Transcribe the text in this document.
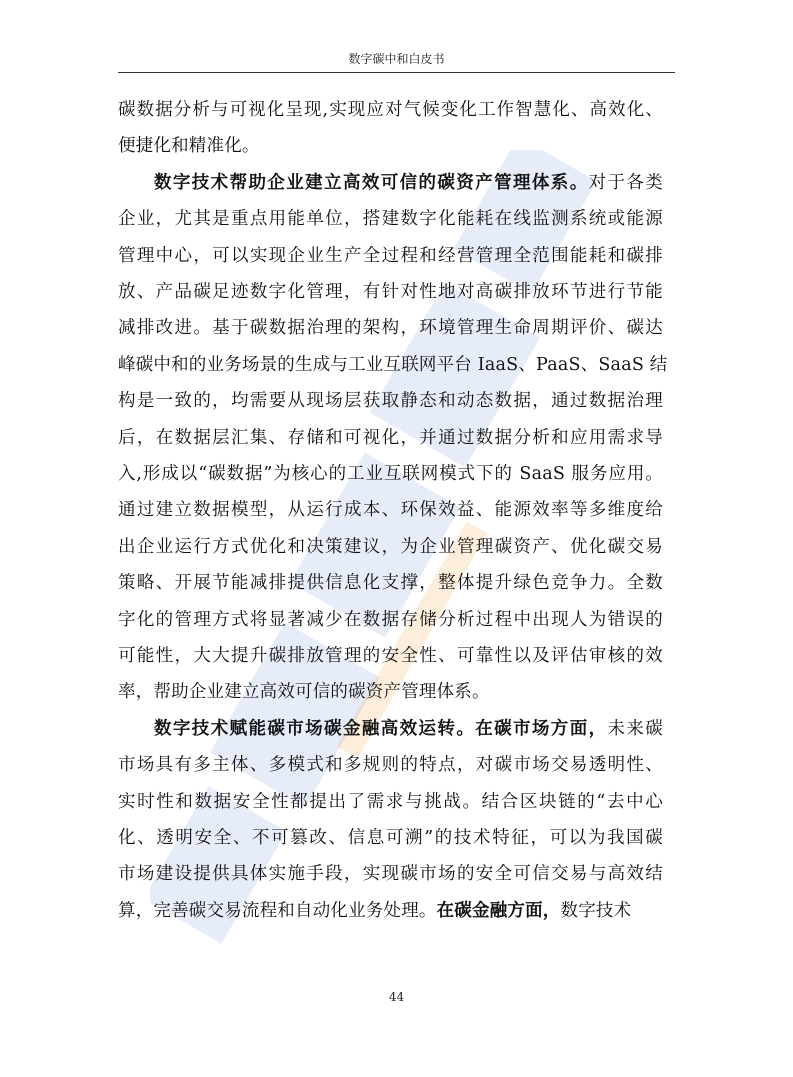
数字碳中和白皮书
碳数据分析与可视化呈现,实现应对气候变化工作智慧化、高效化、
便捷化和精准化。
数字技术帮助企业建立高效可信的碳资产管理体系。对于各类
企业，尤其是重点用能单位，搭建数字化能耗在线监测系统或能源
管理中心，可以实现企业生产全过程和经营管理全范围能耗和碳排
放、产品碳足迹数字化管理，有针对性地对高碳排放环节进行节能
减排改进。基于碳数据治理的架构，环境管理生命周期评价、碳达
峰碳中和的业务场景的生成与工业互联网平台 IaaS、PaaS、SaaS 结
构是一致的，均需要从现场层获取静态和动态数据，通过数据治理
后，在数据层汇集、存储和可视化，并通过数据分析和应用需求导
入,形成以“碳数据”为核心的工业互联网模式下的 SaaS 服务应用。
通过建立数据模型，从运行成本、环保效益、能源效率等多维度给
出企业运行方式优化和决策建议，为企业管理碳资产、优化碳交易
策略、开展节能减排提供信息化支撑，整体提升绿色竞争力。全数
字化的管理方式将显著减少在数据存储分析过程中出现人为错误的
可能性，大大提升碳排放管理的安全性、可靠性以及评估审核的效
率，帮助企业建立高效可信的碳资产管理体系。
数字技术赋能碳市场碳金融高效运转。在碳市场方面，未来碳
市场具有多主体、多模式和多规则的特点，对碳市场交易透明性、
实时性和数据安全性都提出了需求与挑战。结合区块链的“去中心
化、透明安全、不可篡改、信息可溯”的技术特征，可以为我国碳
市场建设提供具体实施手段，实现碳市场的安全可信交易与高效结
算，完善碳交易流程和自动化业务处理。在碳金融方面，数字技术
44
